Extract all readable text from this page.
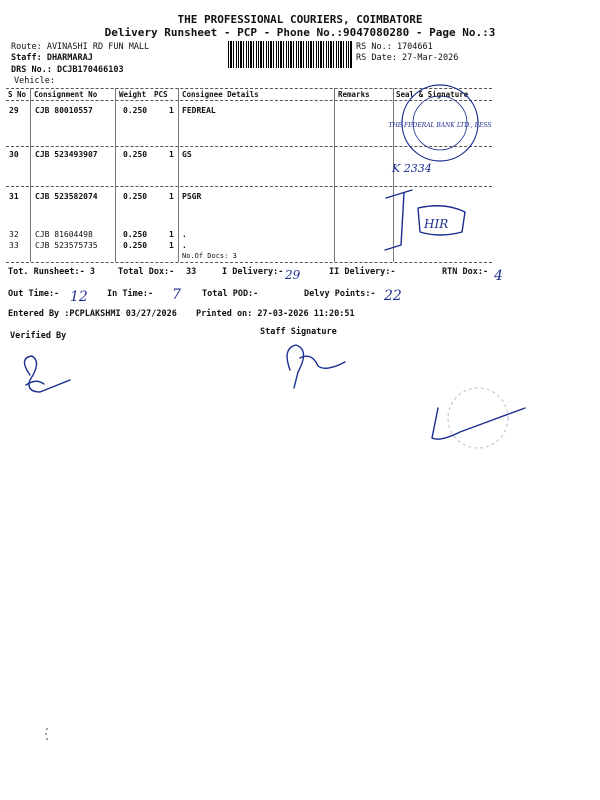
THE PROFESSIONAL COURIERS, COIMBATORE
Delivery Runsheet - PCP - Phone No.:9047080280 - Page No.:3
Route: AVINASHI RD FUN MALL
Staff: DHARMARAJ
DRS No.: DCJB170466103
Vehicle:
RS No.: 1704661
RS Date: 27-Mar-2026
S No Consignment No	Weight PCS Consignee Details	Remarks	Seal & Signature
29 CJB 80010557	0.250	1 FEDREAL
30 CJB 523493907	0.250	1 GS
31 CJB 523582074	0.250	1 PSGR
32 CJB 81604498	0.250	1 .
33 CJB 523575735	0.250	1 .
No.Of Docs: 3
Tot. Runsheet:- 3	Total Dox:- 33	I Delivery:-	II Delivery:-	RTN Dox:-
Out Time:-	In Time:-	Total POD:-	Delvy Points:-
Entered By :PCPLAKSHMI 03/27/2026 Printed on: 27-03-2026 11:20:51
Verified By	Staff Signature
THE FEDERAL BANK LTD., BESS
K 2334
HIR
29	4
12	7	22
